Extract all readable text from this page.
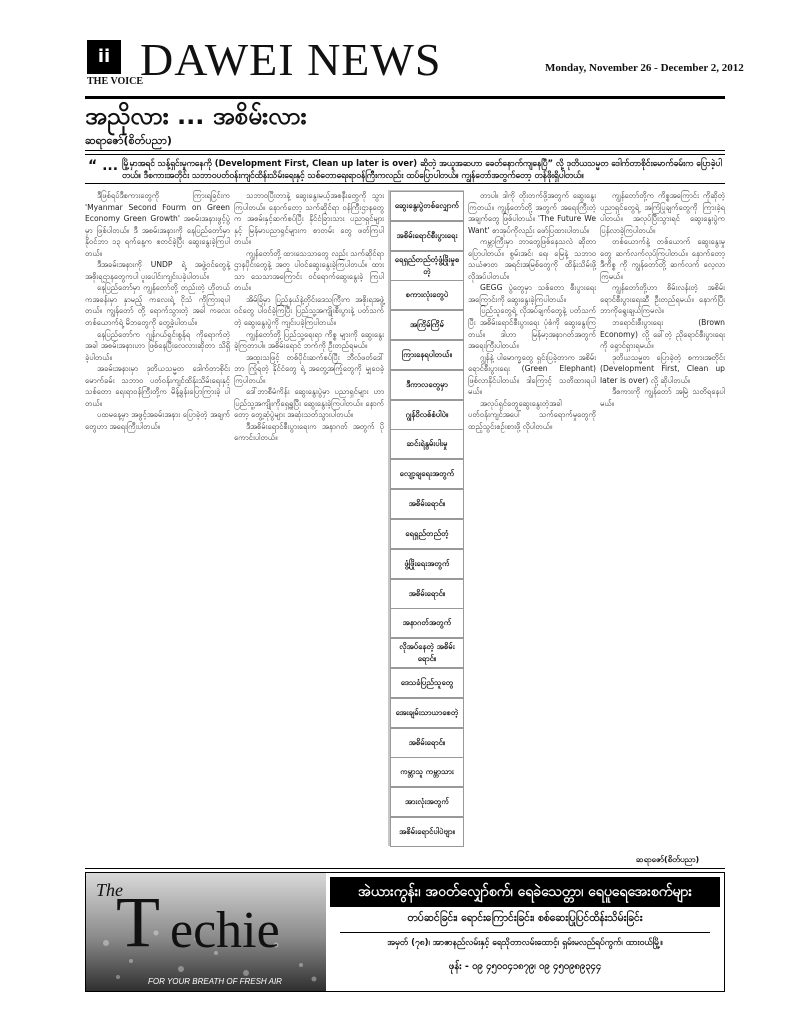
ii
THE VOICE
DAWEI NEWS	Monday, November 26 - December 2, 2012
အညိုလား ... အစိမ်းလား
ဆရာဇော်(စိတ်ပညာ)
“ ... မြို့မှာအရင် သန့်ရှင်းမှုကနေကို (Development First, Clean up later is over) ဆိုတဲ့ အယူအဆဟာ ခေတ်နောက်ကျနေပြီ” လို့ ဒုတိယသမ္မတ ဒေါက်တာစိုင်းမောက်ခမ်းက ပြောခဲ့ပါတယ်။ ဒီစကားအတိုင်း သဘာဝပတ်ဝန်းကျင်ထိန်းသိမ်းရေးနှင့် သစ်တောရေးရာဝန်ကြီးကလည်း ထပ်ပြောပါတယ်။ ကျွန်တော်အတွက်တော့ တန်ဖိုးရှိပါတယ်။

ဒီဖြစ်ရပ်ဒီစကားတွေကို ကြားရခြင်းက 'Myanmar Second Fourm on Green Economy Green Growth' အစမ်းအနားဖွင့်ပွဲမှာ ဖြစ်ပါတယ်။ ဒီ အစမ်းအနားကို နေပြည်တော်မှာ နိုဝင်ဘာ ၁၃ ရက်နေ့က စတင်ခဲ့ပြီး ဆွေးနွေးခဲ့ကြပါတယ်။

ဒီအခမ်းအနားကို UNDP ရဲ့ အဖွဲ့ဝင်တွေနဲ့ အစိုးရဌာနတွေကပါ ပူးပေါင်းကျင်းပခဲ့ပါတယ်။

နေပြည်တော်မှာ ကျွန်တော်တို့ တည်းတဲ့ ဟိုတယ်ကအခန်းမှာ နှာမည့် ကလေးရဲ့ ငိုသံ ကိုကြားရပါတယ်။ ကျွန်တော် တို့ ရောက်သွားတဲ့ အခါ ကလေး တစ်ယောက်ရဲ့ မိဘတွေကို တွေ့ခဲ့ပါတယ်။

နေပြည်တော်က ဂျန်ဂယ်ရှင်းစွန်ရ ကိုရောက်တဲ့အခါ အစမ်းအနားဟာ ဖြစ်နေပြီးလေလားဆိုတာ သိရှိခဲ့ပါတယ်။

အခမ်းအနားမှာ ဒုတိယသမ္မတ ဒေါက်တာစိုင်းမောက်ခမ်း သဘာဝ ပတ်ဝန်းကျင်ထိန်းသိမ်းရေးနှင့် သစ်တော ရေးရာဝန်ကြီးတို့က မိန့်ခွန်းပြောကြားခဲ့ ပါတယ်။

ပထမနေ့မှာ အဖွင့်အခမ်းအနား ပြောခဲ့တဲ့ အချက်တွေဟာ အရေးကြီးပါတယ်။

သဘာဝပြီးတာနဲ့ ဆွေးနွေးမယ့်အစနီးတွေကို သွားကြပါတယ်။ နောက်တော့ သက်ဆိုင်ရာ ဝန်ကြီးဌာနတွေက အစမ်းနှင့်ဆက်စပ်ပြီး နိုင်ငံခြားသား ပညာရှင်များ နှင့် မြန်မာပညာရှင်များက စာတမ်း တွေ ဖတ်ကြပါတယ်။

ကျွန်တော်တို့ ထားသေသာတွေ လည်း သက်ဆိုင်ရာဌာနပိုင်းတွေနဲ့ အတူ ပါဝင်ဆွေးနွေးခဲ့ကြပါတယ်။ ထားသာ သေသာအကြောင်း ဝင်ရောက်ဆွေးနွေးခဲ့ ကြပါတယ်။

အိမ်ခြံမှာ ပြည်နယ်နဲ့တိုင်းဒေသကြီးက အစိုးရအဖွဲ့ဝင်တွေ ပါဝင်ခဲ့ကြပြီး ပြည်သူ့အကျိုးစီးပွားနဲ့ ပတ်သက်တဲ့ ဆွေးနွေးပွဲကို ကျင်းပခဲ့ကြပါတယ်။

ကျွန်တော်တို့ ပြည်သူ့ရေးရာ ကိစ္စ များကို ဆွေးနွေးခဲ့ကြတာပါ။ အစိမ်းရောင် ဘက်ကို ဦးတည်ရမယ်။

အထူးသဖြင့် တစ်ပိုင်းဆက်စပ်ပြီး ဘီလ်ဖတ်ဒေါ်ဘာ ကြုံရတဲ့ နိုင်ငံတွေ ရဲ့ အတွေ့အကြုံတွေကို မျှဝေခဲ့ကြပါတယ်။

ဒေါ်ဘာစီမံကိန်း ဆွေးနွေးပွဲမှာ ပညာရှင်များ ဟာ ပြည်သူ့အကျိုးကိုရှေ့ရှုပြီး ဆွေးနွေးခဲ့ကြပါတယ်။ နောက်တော့ တွေ့ဆုံပွဲများ အဆုံးသတ်သွားပါတယ်။

ဒီအစိမ်းရောင်စီးပွားရေးက အနာဂတ် အတွက် ပိုကောင်းပါတယ်။

ဆွေးနွေးပွဲတစ်လျှောက်
အစိမ်းရောင်စီးပွားရေး
ရေရှည်တည်တံ့ဖွံ့ဖြိုးမှုစတဲ့
စကားလုံးတွေပဲ
အကြိမ်ကြိမ်
ကြားနေရပါတယ်။
ဒီကာလတွေမှာ
ဂျွန်ဝိလစ်စံပါပဲ။
ဆင်းရဲနွမ်းပါးမှု
လျော့ချရေးအတွက်
အစိမ်းရောင်။
ရေရှည်တည်တံ့
ဖွံ့ဖြိုးရေးအတွက်
အစိမ်းရောင်။
အနာဂတ်အတွက်
လိုအပ်နေတဲ့ အစိမ်းရောင်။
ဒေသခံပြည်သူတွေ
အေးချမ်းသာယာစေတဲ့
အစိမ်းရောင်။
ကမ္ဘာသူ ကမ္ဘာသား
အားလုံးအတွက်
အစိမ်းရောင်ပါပဲဗျာ။

တာပါ။ ဒါကို တိုးတက်ဖို့အတွက် ဆွေးနွေးကြတယ်။ ကျွန်တော်တို့ အတွက် အရေးကြီးတဲ့ အချက်တွေ ဖြစ်ပါတယ်။ 'The Future We Want' စာအုပ်ကိုလည်း ဖော်ပြထားပါတယ်။

ကမ္ဘာကြီးမှာ ဘာတွေဖြစ်နေသလဲ ဆိုတာ ပြောပါတယ်။ စွမ်းအင်၊ ရေ၊ မြေနဲ့ သဘာဝ သယံဇာတ အရင်းအမြစ်တွေကို ထိန်းသိမ်းဖို့ လိုအပ်ပါတယ်။

GEGG ပွဲတွေမှာ သစ်တော စီးပွားရေးအကြောင်းကို ဆွေးနွေးခဲ့ကြပါတယ်။

ပြည်သူတွေရဲ့ လိုအပ်ချက်တွေနဲ့ ပတ်သက်ပြီး အစိမ်းရောင်စီးပွားရေး ပုံစံကို ဆွေးနွေးကြတယ်။ ဒါဟာ မြန်မာ့အနာဂတ်အတွက် အရေးကြီးပါတယ်။

ဂျွန်နဲ့ ပါမောက္ခတွေ ရှင်းပြခဲ့တာက အစိမ်းရောင်စီးပွားရေး (Green Elephant) ဖြစ်လာနိုင်ပါတယ်။ ဒါကြောင့် သတိထားရပါမယ်။

အလုပ်ရှင်တွေဆွေးနွေးတဲ့အခါ ပတ်ဝန်းကျင်အပေါ် သက်ရောက်မှုတွေကို ထည့်သွင်းစဉ်းစားဖို့ လိုပါတယ်။

ကျွန်တော်တို့က ကိစ္စအကြောင်း ကိုဆိုတဲ့ ပညာရှင်တွေရဲ့ အကြံပြုချက်တွေကို ကြားခဲ့ရပါတယ်။ အလုပ်ပြီးသွားရင် ဆွေးနွေးပွဲက ပြန်လာခဲ့ကြပါတယ်။

တစ်ယောက်နဲ့ တစ်ယောက် ဆွေးနွေးမှုတွေ ဆက်လက်လုပ်ကြပါတယ်။ နောက်တော့ ဒီကိစ္စ ကို ကျွန်တော်တို့ ဆက်လက် လေ့လာကြမယ်။

ကျွန်တော်တို့ဟာ စိမ်းလန်းတဲ့ အစိမ်းရောင်စီးပွားရေးဆီ ဦးတည်ရမယ်။ နောက်ပြီး ဘာကိုရွေးချယ်ကြမလဲ။

ဘရောင်းစီးပွားရေး (Brown Economy) လို့ ခေါ်တဲ့ ညိုရောင်စီးပွားရေး ကို ရှောင်ရှားရမယ်။

ဒုတိယသမ္မတ ပြောခဲ့တဲ့ စကားအတိုင်း (Development First, Clean up later is over) လို့ ဆိုပါတယ်။

ဒီစကားကို ကျွန်တော် အမြဲ သတိရနေပါမယ်။

ဆရာဇော်(စိတ်ပညာ)
The
T echie
FOR YOUR BREATH OF FRESH AIR
အဲယားကွန်း၊ အဝတ်လျှော်စက်၊ ရေခဲသေတ္တာ၊ ရေပူရေအေးစက်များ
တပ်ဆင်ခြင်း၊ ရောင်းကြောင်းခြင်း၊ စစ်ဆေးပြုပြင်ထိန်းသိမ်းခြင်း
အမှတ် (၇၈)၊ အာဇာနည်လမ်းနှင့် ရေသိုတာလမ်းထောင့်၊ ရှမ်းမလည်ရပ်ကွက်၊ ထားဝယ်မြို့။
ဖုန်း - ၀၉ ၄၅၀၀၄၁၈၇၉၊ ၀၉ ၄၅၀၉၈၉၃၄၄
